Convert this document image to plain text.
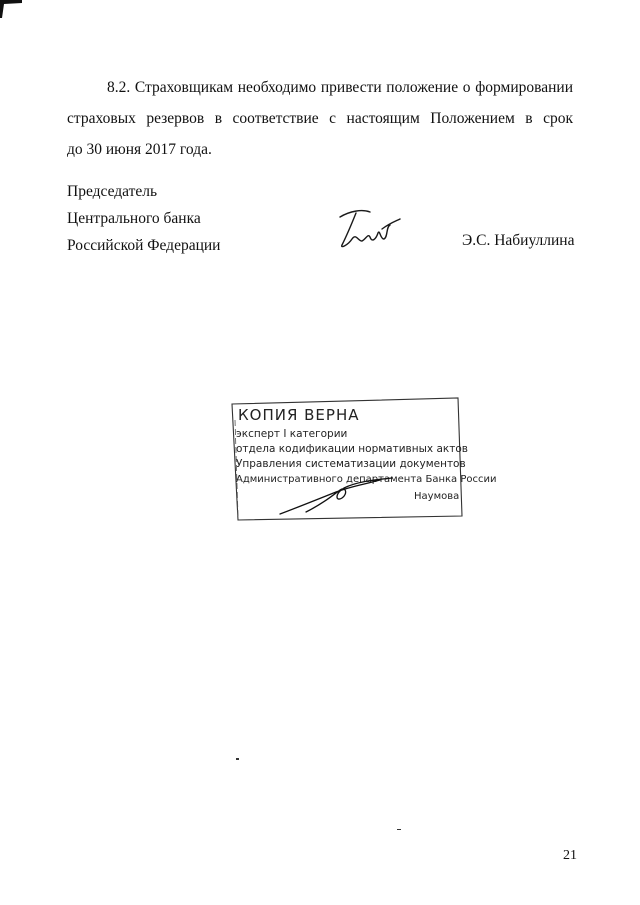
8.2. Страховщикам необходимо привести положение о формировании
страховых резервов в соответствие с настоящим Положением в срок
до 30 июня 2017 года.
Председатель
Центрального банка
Российской Федерации	Э.С. Набиуллина
КОПИЯ ВЕРНА
эксперт I категории
отдела кодификации нормативных актов
Управления систематизации документов
Административного департамента Банка России
Наумова
21
